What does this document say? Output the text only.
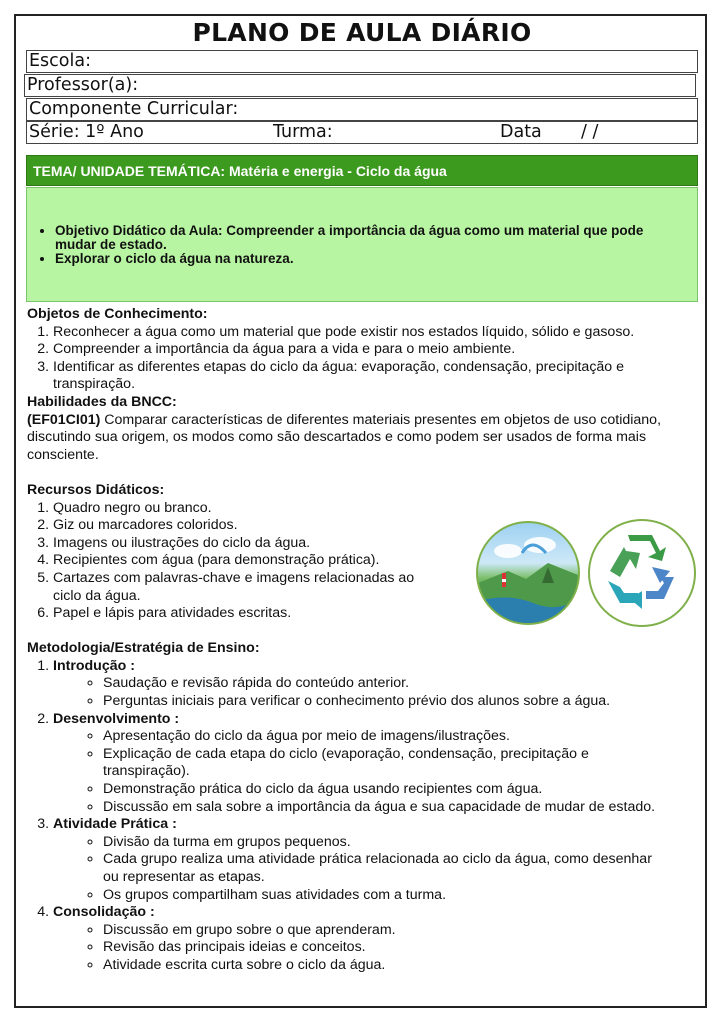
PLANO DE AULA DIÁRIO
Escola:
Professor(a):
Componente Curricular:
Série: 1º Ano	Turma:	Data / /
TEMA/ UNIDADE TEMÁTICA: Matéria e energia - Ciclo da água
• Objetivo Didático da Aula: Compreender a importância da água como um material que pode mudar de estado.
• Explorar o ciclo da água na natureza.
Objetos de Conhecimento:
1. Reconhecer a água como um material que pode existir nos estados líquido, sólido e gasoso.
2. Compreender a importância da água para a vida e para o meio ambiente.
3. Identificar as diferentes etapas do ciclo da água: evaporação, condensação, precipitação e transpiração.
Habilidades da BNCC:
(EF01CI01) Comparar características de diferentes materiais presentes em objetos de uso cotidiano, discutindo sua origem, os modos como são descartados e como podem ser usados de forma mais consciente.
Recursos Didáticos:
1. Quadro negro ou branco.
2. Giz ou marcadores coloridos.
3. Imagens ou ilustrações do ciclo da água.
4. Recipientes com água (para demonstração prática).
5. Cartazes com palavras-chave e imagens relacionadas ao ciclo da água.
6. Papel e lápis para atividades escritas.
Metodologia/Estratégia de Ensino:
1. Introdução :
◦ Saudação e revisão rápida do conteúdo anterior.
◦ Perguntas iniciais para verificar o conhecimento prévio dos alunos sobre a água.
2. Desenvolvimento :
◦ Apresentação do ciclo da água por meio de imagens/ilustrações.
◦ Explicação de cada etapa do ciclo (evaporação, condensação, precipitação e transpiração).
◦ Demonstração prática do ciclo da água usando recipientes com água.
◦ Discussão em sala sobre a importância da água e sua capacidade de mudar de estado.
3. Atividade Prática :
◦ Divisão da turma em grupos pequenos.
◦ Cada grupo realiza uma atividade prática relacionada ao ciclo da água, como desenhar ou representar as etapas.
◦ Os grupos compartilham suas atividades com a turma.
4. Consolidação :
◦ Discussão em grupo sobre o que aprenderam.
◦ Revisão das principais ideias e conceitos.
◦ Atividade escrita curta sobre o ciclo da água.
